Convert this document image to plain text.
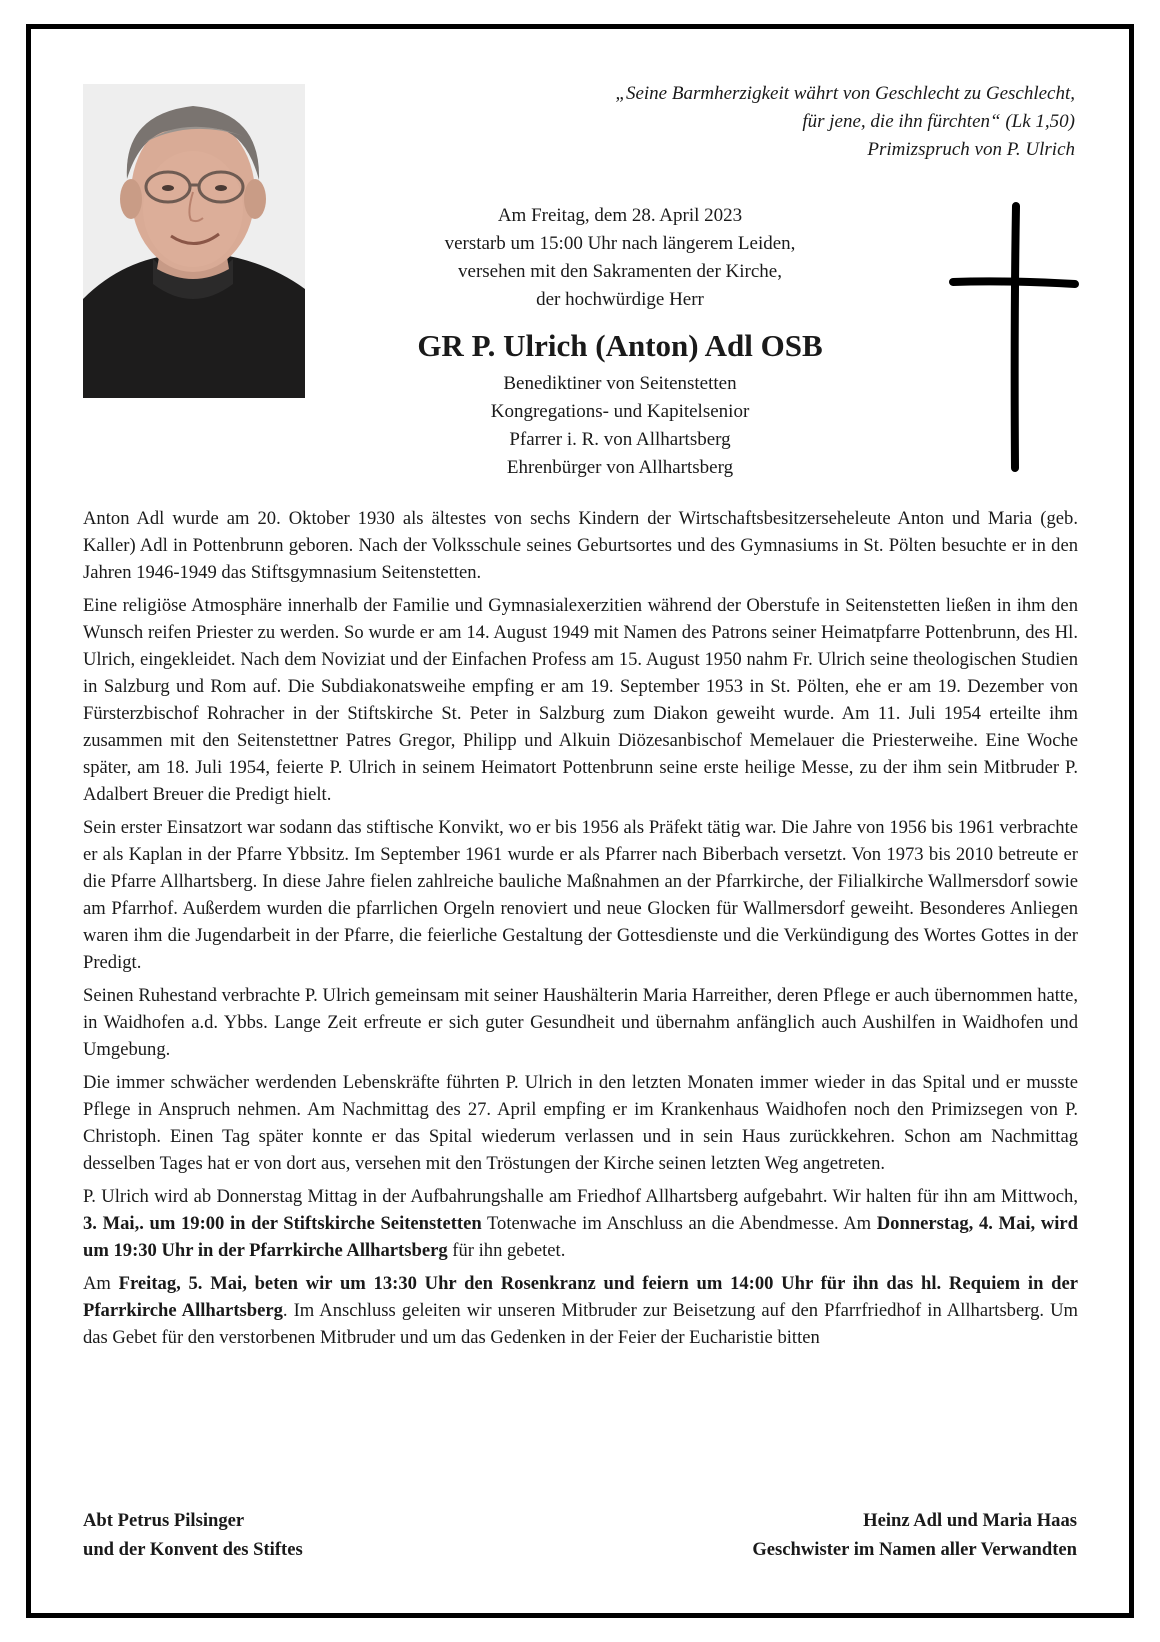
„Seine Barmherzigkeit währt von Geschlecht zu Geschlecht,
für jene, die ihn fürchten“ (Lk 1,50)
Primizspruch von P. Ulrich
Am Freitag, dem 28. April 2023
verstarb um 15:00 Uhr nach längerem Leiden,
versehen mit den Sakramenten der Kirche,
der hochwürdige Herr
GR P. Ulrich (Anton) Adl OSB
Benediktiner von Seitenstetten
Kongregations- und Kapitelsenior
Pfarrer i. R. von Allhartsberg
Ehrenbürger von Allhartsberg

Anton Adl wurde am 20. Oktober 1930 als ältestes von sechs Kindern der Wirtschaftsbesitzerseheleute Anton und Maria (geb. Kaller) Adl in Pottenbrunn geboren. Nach der Volksschule seines Geburtsortes und des Gymnasiums in St. Pölten besuchte er in den Jahren 1946-1949 das Stiftsgymnasium Seitenstetten.

Eine religiöse Atmosphäre innerhalb der Familie und Gymnasialexerzitien während der Oberstufe in Seitenstetten ließen in ihm den Wunsch reifen Priester zu werden. So wurde er am 14. August 1949 mit Namen des Patrons seiner Heimatpfarre Pottenbrunn, des Hl. Ulrich, eingekleidet. Nach dem Noviziat und der Einfachen Profess am 15. August 1950 nahm Fr. Ulrich seine theologischen Studien in Salzburg und Rom auf. Die Subdiakonatsweihe empfing er am 19. September 1953 in St. Pölten, ehe er am 19. Dezember von Fürsterzbischof Rohracher in der Stiftskirche St. Peter in Salzburg zum Diakon geweiht wurde. Am 11. Juli 1954 erteilte ihm zusammen mit den Seitenstettner Patres Gregor, Philipp und Alkuin Diözesanbischof Memelauer die Priesterweihe. Eine Woche später, am 18. Juli 1954, feierte P. Ulrich in seinem Heimatort Pottenbrunn seine erste heilige Messe, zu der ihm sein Mitbruder P. Adalbert Breuer die Predigt hielt.

Sein erster Einsatzort war sodann das stiftische Konvikt, wo er bis 1956 als Präfekt tätig war. Die Jahre von 1956 bis 1961 verbrachte er als Kaplan in der Pfarre Ybbsitz. Im September 1961 wurde er als Pfarrer nach Biberbach versetzt. Von 1973 bis 2010 betreute er die Pfarre Allhartsberg. In diese Jahre fielen zahlreiche bauliche Maßnahmen an der Pfarrkirche, der Filialkirche Wallmersdorf sowie am Pfarrhof. Außerdem wurden die pfarrlichen Orgeln renoviert und neue Glocken für Wallmersdorf geweiht. Besonderes Anliegen waren ihm die Jugendarbeit in der Pfarre, die feierliche Gestaltung der Gottesdienste und die Verkündigung des Wortes Gottes in der Predigt.

Seinen Ruhestand verbrachte P. Ulrich gemeinsam mit seiner Haushälterin Maria Harreither, deren Pflege er auch übernommen hatte, in Waidhofen a.d. Ybbs. Lange Zeit erfreute er sich guter Gesundheit und übernahm anfänglich auch Aushilfen in Waidhofen und Umgebung.

Die immer schwächer werdenden Lebenskräfte führten P. Ulrich in den letzten Monaten immer wieder in das Spital und er musste Pflege in Anspruch nehmen. Am Nachmittag des 27. April empfing er im Krankenhaus Waidhofen noch den Primizsegen von P. Christoph. Einen Tag später konnte er das Spital wiederum verlassen und in sein Haus zurückkehren. Schon am Nachmittag desselben Tages hat er von dort aus, versehen mit den Tröstungen der Kirche seinen letzten Weg angetreten.

P. Ulrich wird ab Donnerstag Mittag in der Aufbahrungshalle am Friedhof Allhartsberg aufgebahrt. Wir halten für ihn am Mittwoch, 3. Mai,. um 19:00 in der Stiftskirche Seitenstetten Totenwache im Anschluss an die Abendmesse. Am Donnerstag, 4. Mai, wird um 19:30 Uhr in der Pfarrkirche Allhartsberg für ihn gebetet.

Am Freitag, 5. Mai, beten wir um 13:30 Uhr den Rosenkranz und feiern um 14:00 Uhr für ihn das hl. Requiem in der Pfarrkirche Allhartsberg. Im Anschluss geleiten wir unseren Mitbruder zur Beisetzung auf den Pfarrfriedhof in Allhartsberg. Um das Gebet für den verstorbenen Mitbruder und um das Gedenken in der Feier der Eucharistie bitten

Abt Petrus Pilsinger
und der Konvent des Stiftes
Heinz Adl und Maria Haas
Geschwister im Namen aller Verwandten
